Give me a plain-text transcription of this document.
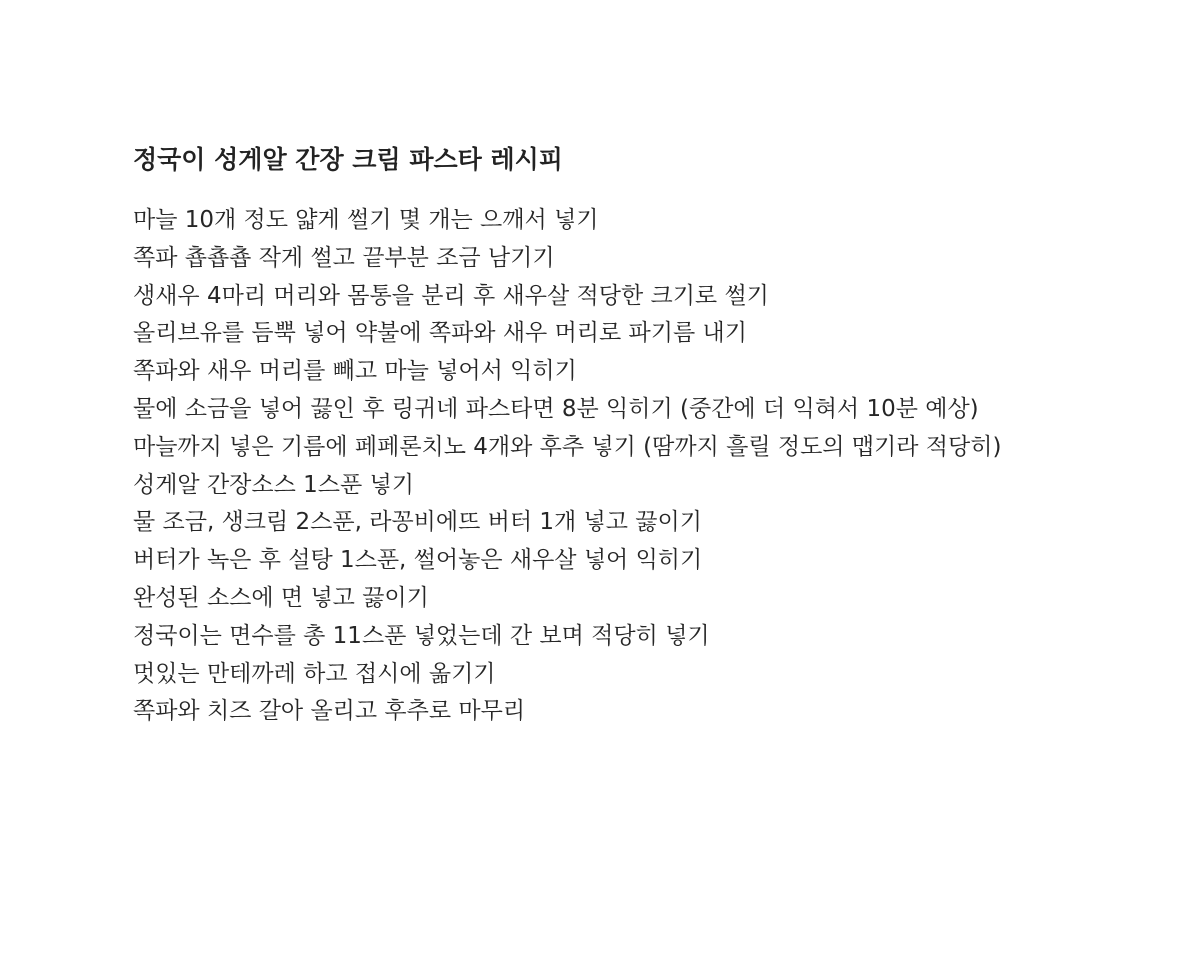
정국이 성게알 간장 크림 파스타 레시피
마늘 10개 정도 얇게 썰기 몇 개는 으깨서 넣기
쪽파 춉춉춉 작게 썰고 끝부분 조금 남기기
생새우 4마리 머리와 몸통을 분리 후 새우살 적당한 크기로 썰기
올리브유를 듬뿍 넣어 약불에 쪽파와 새우 머리로 파기름 내기
쪽파와 새우 머리를 빼고 마늘 넣어서 익히기
물에 소금을 넣어 끓인 후 링귀네 파스타면 8분 익히기 (중간에 더 익혀서 10분 예상)
마늘까지 넣은 기름에 페페론치노 4개와 후추 넣기 (땀까지 흘릴 정도의 맵기라 적당히)
성게알 간장소스 1스푼 넣기
물 조금, 생크림 2스푼, 라꽁비에뜨 버터 1개 넣고 끓이기
버터가 녹은 후 설탕 1스푼, 썰어놓은 새우살 넣어 익히기
완성된 소스에 면 넣고 끓이기
정국이는 면수를 총 11스푼 넣었는데 간 보며 적당히 넣기
멋있는 만테까레 하고 접시에 옮기기
쪽파와 치즈 갈아 올리고 후추로 마무리
